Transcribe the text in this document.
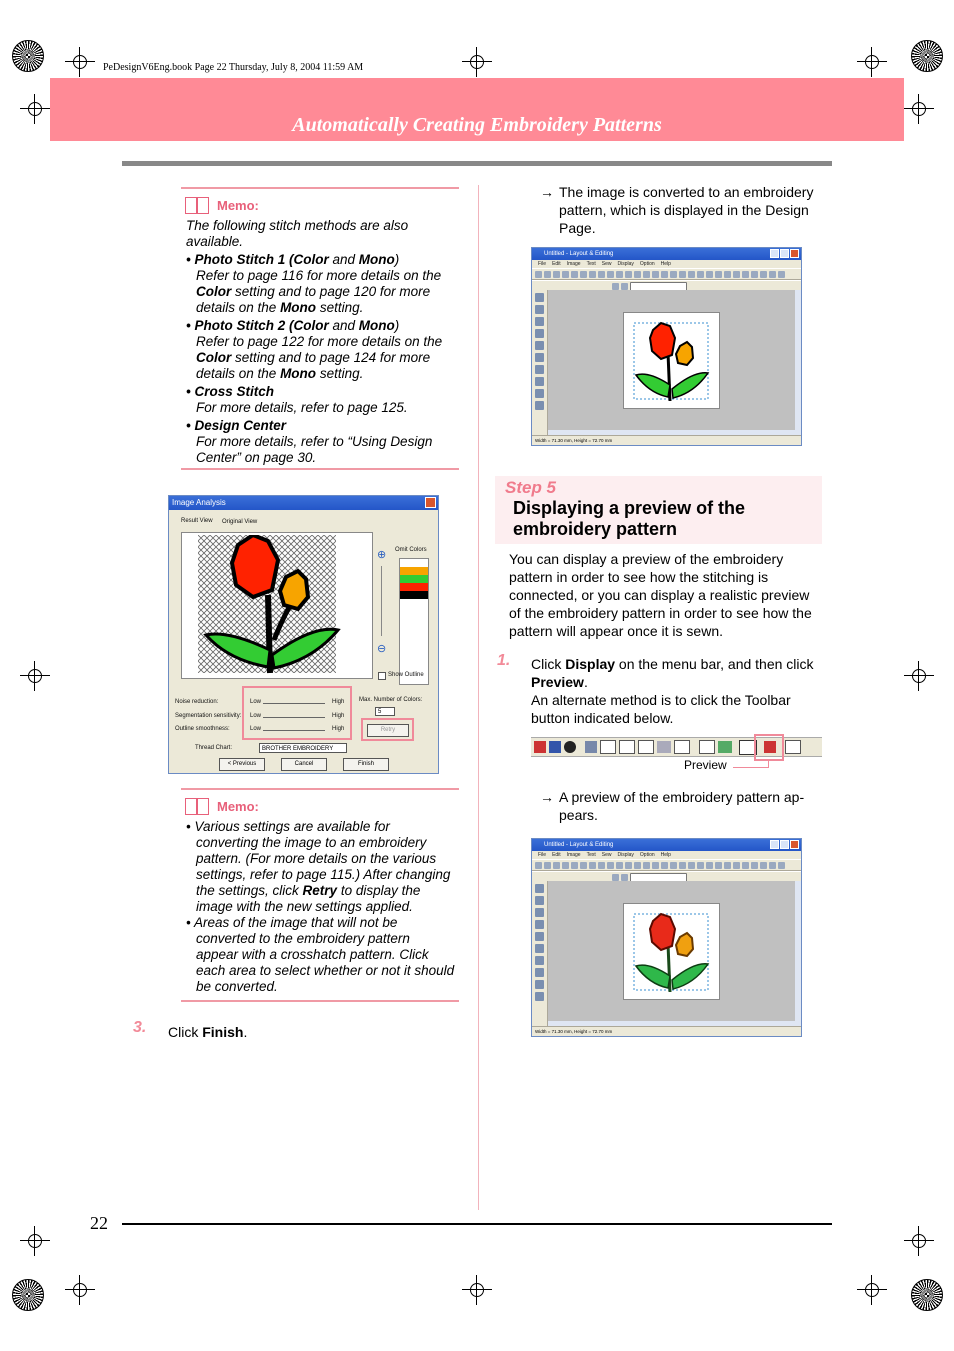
PeDesignV6Eng.book Page 22 Thursday, July 8, 2004 11:59 AM
Automatically Creating Embroidery Patterns
Memo:

The following stitch methods are also available.

• Photo Stitch 1 (Color and Mono)

Refer to page 116 for more details on the

Color setting and to page 120 for more

details on the Mono setting.

• Photo Stitch 2 (Color and Mono)

Refer to page 122 for more details on the

Color setting and to page 124 for more

details on the Mono setting.

• Cross Stitch

For more details, refer to page 125.

• Design Center

For more details, refer to “Using Design

Center” on page 30.

Image Analysis
Result View Original View
⊕
⊖
Omit Colors
Show Outline
Noise reduction:
Segmentation sensitivity:
Outline smoothness:
Low
Low
Low
High
High
High
Max. Number of Colors:
5
Retry
Thread Chart:	BROTHER EMBROIDERY
< Previous	Cancel	Finish
Memo:

• Various settings are available for

converting the image to an embroidery

pattern. (For more details on the various

settings, refer to page 115.) After changing

the settings, click Retry to display the

image with the new settings applied.

• Areas of the image that will not be

converted to the embroidery pattern

appear with a crosshatch pattern. Click

each area to select whether or not it should

be converted.

3. Click Finish.
→ The image is converted to an embroidery
pattern, which is displayed in the Design
Page.
Untitled - Layout & Editing
File Edit Image Text Sew Display Option Help
Width = 71.30 mm, Height = 72.70 mm
Step 5
Displaying a preview of the
embroidery pattern
You can display a preview of the embroidery
pattern in order to see how the stitching is
connected, or you can display a realistic preview
of the embroidery pattern in order to see how the
pattern will appear once it is sewn.
1. Click Display on the menu bar, and then click
Preview.
An alternate method is to click the Toolbar
button indicated below.
Preview
→ A preview of the embroidery pattern ap-
pears.
Untitled - Layout & Editing
File Edit Image Text Sew Display Option Help
Width = 71.30 mm, Height = 72.70 mm
22
